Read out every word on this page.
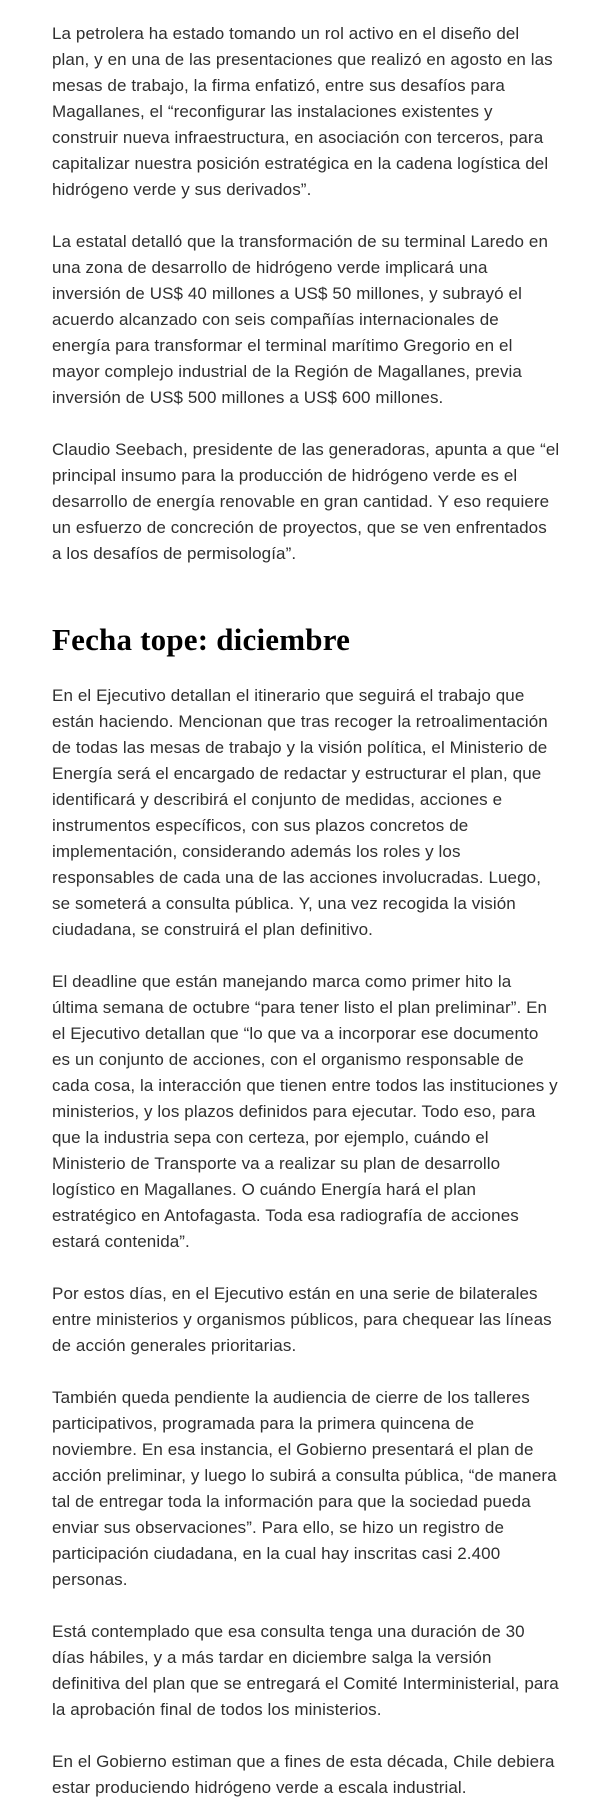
La petrolera ha estado tomando un rol activo en el diseño del plan, y en una de las presentaciones que realizó en agosto en las mesas de trabajo, la firma enfatizó, entre sus desafíos para Magallanes, el “reconfigurar las instalaciones existentes y construir nueva infraestructura, en asociación con terceros, para capitalizar nuestra posición estratégica en la cadena logística del hidrógeno verde y sus derivados”.

La estatal detalló que la transformación de su terminal Laredo en una zona de desarrollo de hidrógeno verde implicará una inversión de US$ 40 millones a US$ 50 millones, y subrayó el acuerdo alcanzado con seis compañías internacionales de energía para transformar el terminal marítimo Gregorio en el mayor complejo industrial de la Región de Magallanes, previa inversión de US$ 500 millones a US$ 600 millones.

Claudio Seebach, presidente de las generadoras, apunta a que “el principal insumo para la producción de hidrógeno verde es el desarrollo de energía renovable en gran cantidad. Y eso requiere un esfuerzo de concreción de proyectos, que se ven enfrentados a los desafíos de permisología”.

Fecha tope: diciembre

En el Ejecutivo detallan el itinerario que seguirá el trabajo que están haciendo. Mencionan que tras recoger la retroalimentación de todas las mesas de trabajo y la visión política, el Ministerio de Energía será el encargado de redactar y estructurar el plan, que identificará y describirá el conjunto de medidas, acciones e instrumentos específicos, con sus plazos concretos de implementación, considerando además los roles y los responsables de cada una de las acciones involucradas. Luego, se someterá a consulta pública. Y, una vez recogida la visión ciudadana, se construirá el plan definitivo.

El deadline que están manejando marca como primer hito la última semana de octubre “para tener listo el plan preliminar”. En el Ejecutivo detallan que “lo que va a incorporar ese documento es un conjunto de acciones, con el organismo responsable de cada cosa, la interacción que tienen entre todos las instituciones y ministerios, y los plazos definidos para ejecutar. Todo eso, para que la industria sepa con certeza, por ejemplo, cuándo el Ministerio de Transporte va a realizar su plan de desarrollo logístico en Magallanes. O cuándo Energía hará el plan estratégico en Antofagasta. Toda esa radiografía de acciones estará contenida”.

Por estos días, en el Ejecutivo están en una serie de bilaterales entre ministerios y organismos públicos, para chequear las líneas de acción generales prioritarias.

También queda pendiente la audiencia de cierre de los talleres participativos, programada para la primera quincena de noviembre. En esa instancia, el Gobierno presentará el plan de acción preliminar, y luego lo subirá a consulta pública, “de manera tal de entregar toda la información para que la sociedad pueda enviar sus observaciones”. Para ello, se hizo un registro de participación ciudadana, en la cual hay inscritas casi 2.400 personas.

Está contemplado que esa consulta tenga una duración de 30 días hábiles, y a más tardar en diciembre salga la versión definitiva del plan que se entregará el Comité Interministerial, para la aprobación final de todos los ministerios.

En el Gobierno estiman que a fines de esta década, Chile debiera estar produciendo hidrógeno verde a escala industrial.
